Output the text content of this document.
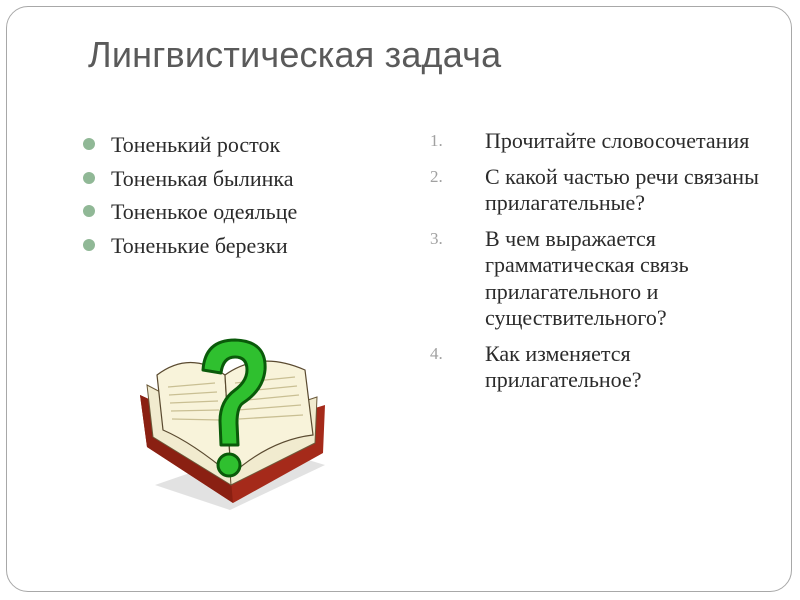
Лингвистическая задача
Тоненький росток
Тоненькая былинка
Тоненькое одеяльце
Тоненькие березки
1. Прочитайте словосочетания
2. С какой частью речи связаны прилагательные?
3. В чем выражается грамматическая связь прилагательного и существительного?
4. Как изменяется прилагательное?
